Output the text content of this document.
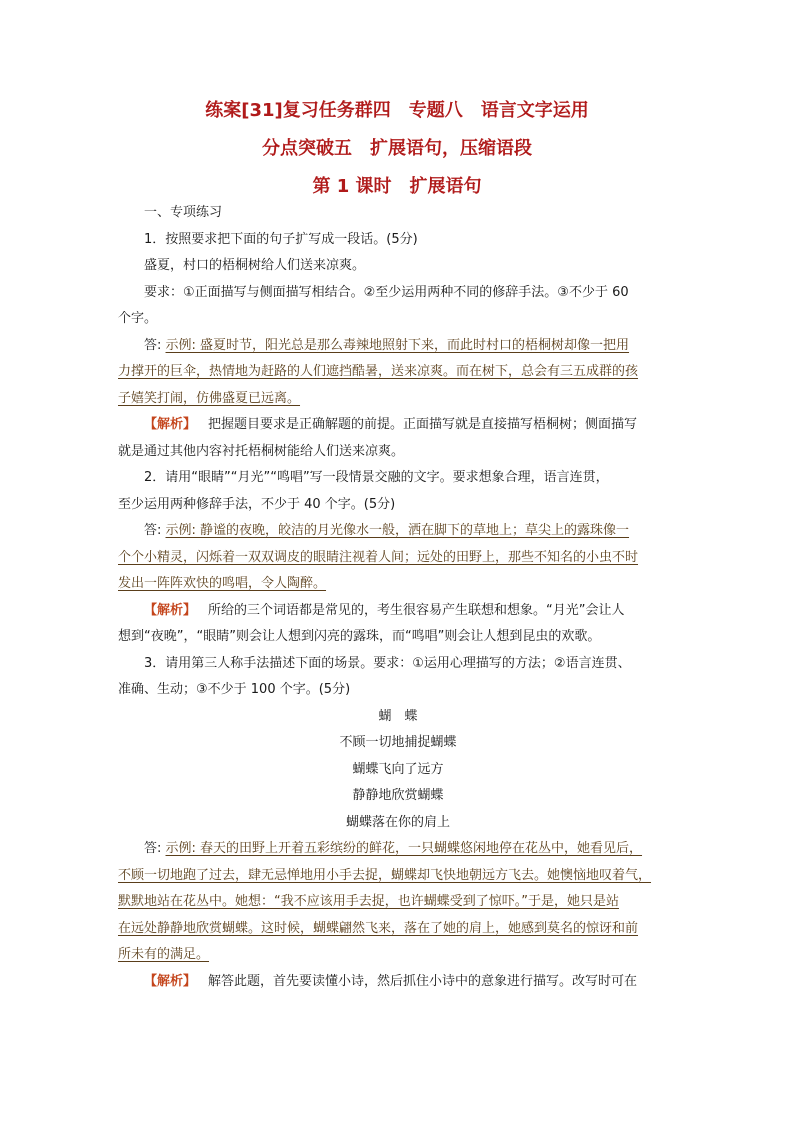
练案[31]复习任务群四　专题八　语言文字运用
分点突破五　扩展语句，压缩语段
第 1 课时　扩展语句
一、专项练习
1．按照要求把下面的句子扩写成一段话。(5分)
盛夏，村口的梧桐树给人们送来凉爽。
要求：①正面描写与侧面描写相结合。②至少运用两种不同的修辞手法。③不少于 60
个字。
答: 示例: 盛夏时节，阳光总是那么毒辣地照射下来，而此时村口的梧桐树却像一把用
力撑开的巨伞，热情地为赶路的人们遮挡酷暑，送来凉爽。而在树下，总会有三五成群的孩
子嬉笑打闹，仿佛盛夏已远离。
【解析】 把握题目要求是正确解题的前提。正面描写就是直接描写梧桐树；侧面描写
就是通过其他内容衬托梧桐树能给人们送来凉爽。
2．请用“眼睛”“月光”“鸣唱”写一段情景交融的文字。要求想象合理，语言连贯，
至少运用两种修辞手法，不少于 40 个字。(5分)
答: 示例: 静谧的夜晚，皎洁的月光像水一般，洒在脚下的草地上；草尖上的露珠像一
个个小精灵，闪烁着一双双调皮的眼睛注视着人间；远处的田野上，那些不知名的小虫不时
发出一阵阵欢快的鸣唱，令人陶醉。
【解析】 所给的三个词语都是常见的，考生很容易产生联想和想象。“月光”会让人
想到“夜晚”，“眼睛”则会让人想到闪亮的露珠，而“鸣唱”则会让人想到昆虫的欢歌。
3．请用第三人称手法描述下面的场景。要求：①运用心理描写的方法；②语言连贯、
准确、生动；③不少于 100 个字。(5分)
蝴　蝶
不顾一切地捕捉蝴蝶
蝴蝶飞向了远方
静静地欣赏蝴蝶
蝴蝶落在你的肩上
答: 示例: 春天的田野上开着五彩缤纷的鲜花，一只蝴蝶悠闲地停在花丛中，她看见后，
不顾一切地跑了过去，肆无忌惮地用小手去捉，蝴蝶却飞快地朝远方飞去。她懊恼地叹着气，
默默地站在花丛中。她想：“我不应该用手去捉，也许蝴蝶受到了惊吓。”于是，她只是站
在远处静静地欣赏蝴蝶。这时候，蝴蝶翩然飞来，落在了她的肩上，她感到莫名的惊讶和前
所未有的满足。
【解析】 解答此题，首先要读懂小诗，然后抓住小诗中的意象进行描写。改写时可在
